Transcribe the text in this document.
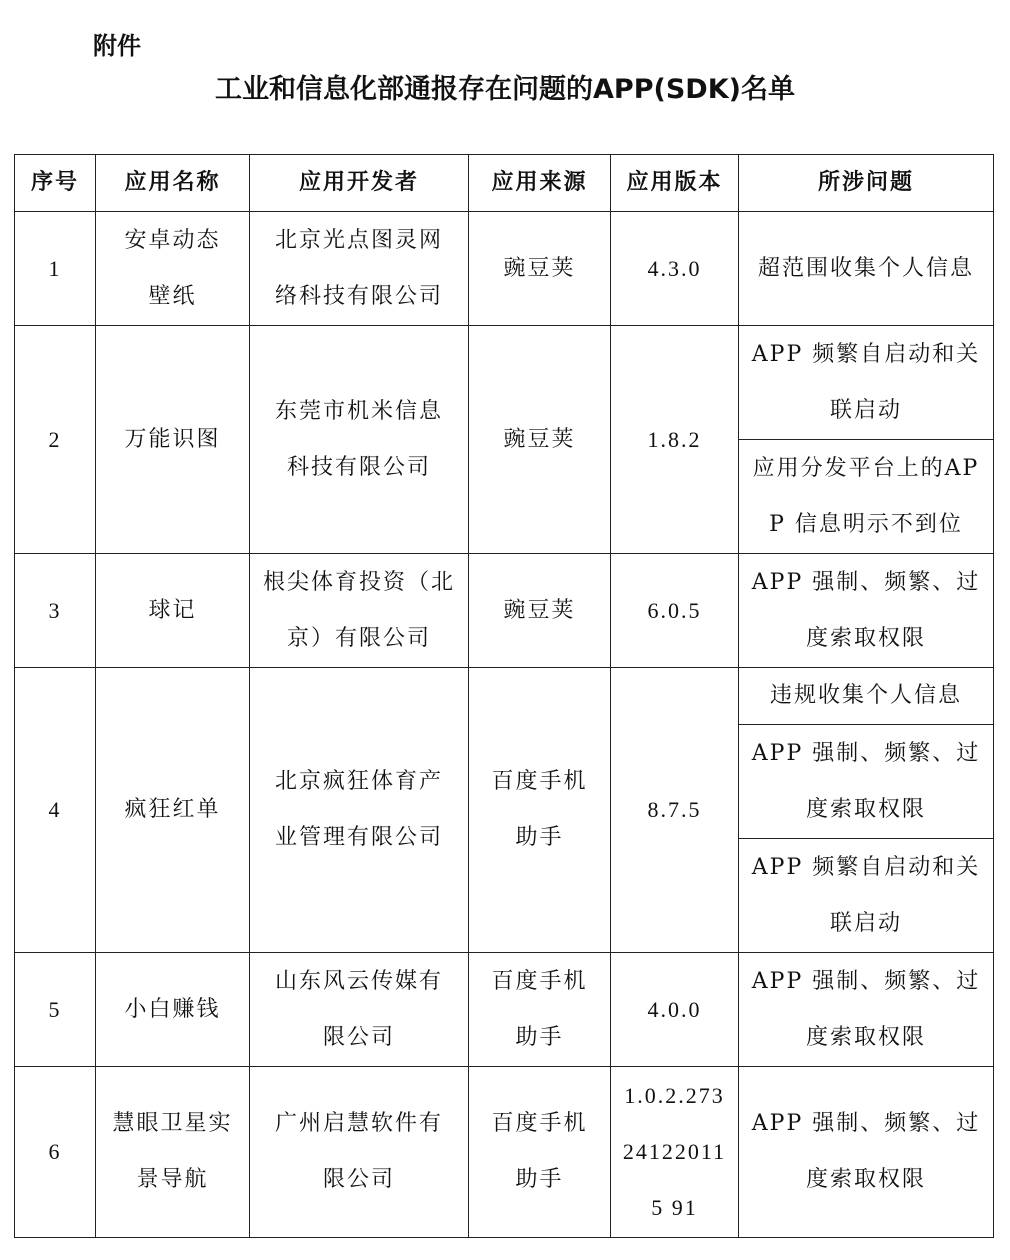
附件
工业和信息化部通报存在问题的APP(SDK)名单
序号	应用名称	应用开发者	应用来源	应用版本	所涉问题
1	安卓动态壁纸	北京光点图灵网络科技有限公司	豌豆荚	4.3.0	超范围收集个人信息
2	万能识图	东莞市机米信息科技有限公司	豌豆荚	1.8.2	APP 频繁自启动和关联启动
					应用分发平台上的APP 信息明示不到位
3	球记	根尖体育投资（北京）有限公司	豌豆荚	6.0.5	APP 强制、频繁、过度索取权限
4	疯狂红单	北京疯狂体育产业管理有限公司	百度手机助手	8.7.5	违规收集个人信息
					APP 强制、频繁、过度索取权限
					APP 频繁自启动和关联启动
5	小白赚钱	山东风云传媒有限公司	百度手机助手	4.0.0	APP 强制、频繁、过度索取权限
6	慧眼卫星实景导航	广州启慧软件有限公司	百度手机助手	1.0.2.273241220115 91	APP 强制、频繁、过度索取权限
